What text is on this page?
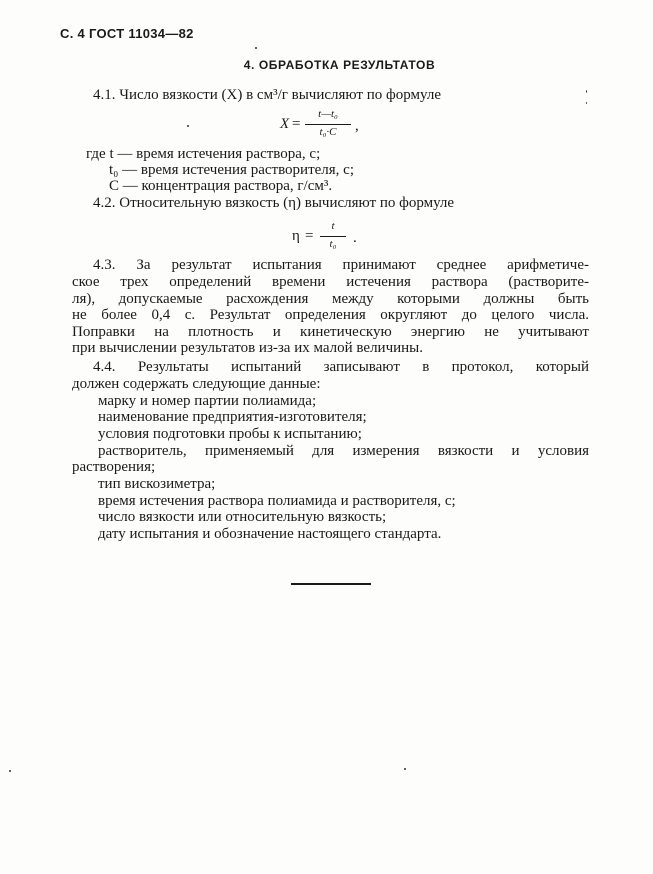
С. 4 ГОСТ 11034—82
4. ОБРАБОТКА РЕЗУЛЬТАТОВ
4.1. Число вязкости (X) в см³/г вычисляют по формуле
X =
t—t₀
t₀·C	,
где t — время истечения раствора, с;
t₀ — время истечения растворителя, с;
C — концентрация раствора, г/см³.
4.2. Относительную вязкость (η) вычисляют по формуле
η =
t
t₀	.
4.3. За результат испытания принимают среднее арифметиче-
ское трех определений времени истечения раствора (растворите-
ля), допускаемые расхождения между которыми должны быть
не более 0,4 с. Результат определения округляют до целого числа.
Поправки на плотность и кинетическую энергию не учитывают
при вычислении результатов из-за их малой величины.
4.4. Результаты испытаний записывают в протокол, который
должен содержать следующие данные:
марку и номер партии полиамида;
наименование предприятия-изготовителя;
условия подготовки пробы к испытанию;
растворитель, применяемый для измерения вязкости и условия
растворения;
тип вискозиметра;
время истечения раствора полиамида и растворителя, с;
число вязкости или относительную вязкость;
дату испытания и обозначение настоящего стандарта.
